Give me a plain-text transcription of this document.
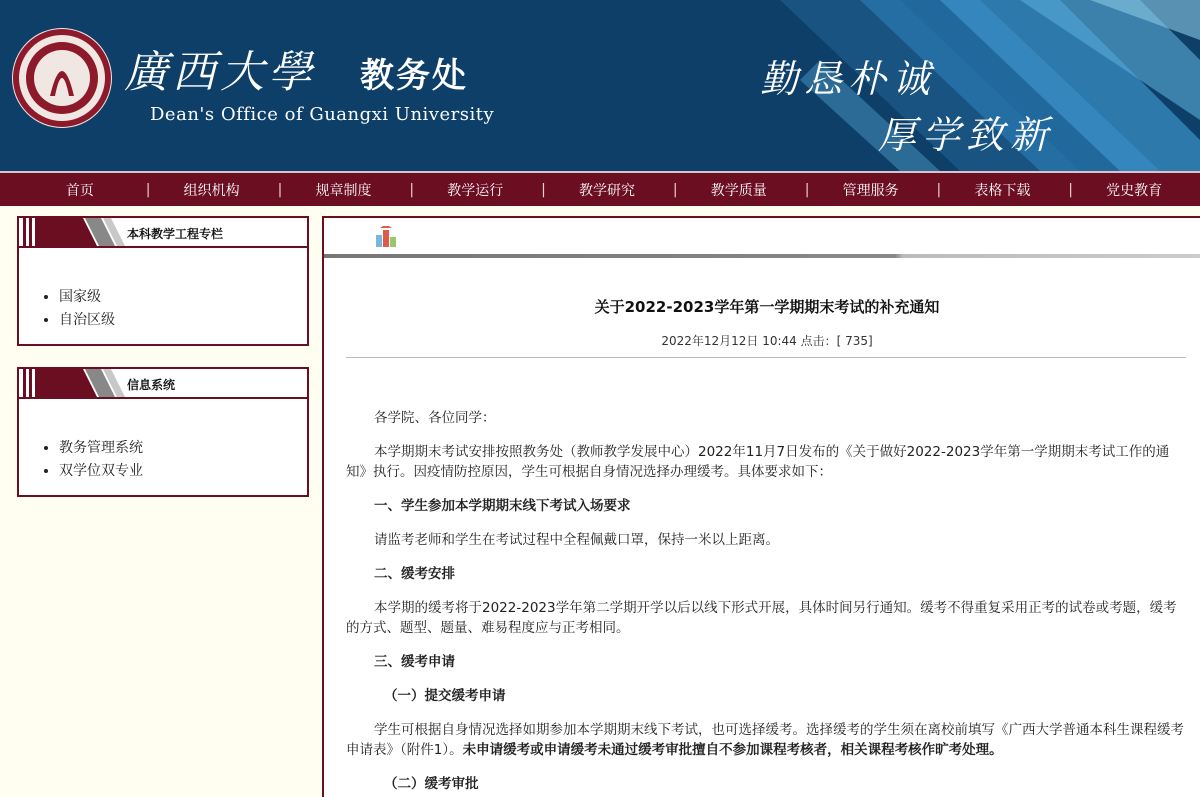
廣西大學 教务处
Dean's Office of Guangxi University
勤恳朴诚
厚学致新
首页	|	组织机构	|	规章制度	|	教学运行	|	教学研究	|	教学质量	|	管理服务	|	表格下载	|	党史教育
本科教学工程专栏
• 国家级
• 自治区级
信息系统
• 教务管理系统
• 双学位双专业
关于2022-2023学年第一学期期末考试的补充通知
2022年12月12日 10:44 点击：[ 735]

各学院、各位同学：

本学期期末考试安排按照教务处（教师教学发展中心）2022年11月7日发布的《关于做好2022-2023学年第一学期期末考试工作的通知》执行。因疫情防控原因，学生可根据自身情况选择办理缓考。具体要求如下：

一、学生参加本学期期末线下考试入场要求

请监考老师和学生在考试过程中全程佩戴口罩，保持一米以上距离。

二、缓考安排

本学期的缓考将于2022-2023学年第二学期开学以后以线下形式开展，具体时间另行通知。缓考不得重复采用正考的试卷或考题，缓考的方式、题型、题量、难易程度应与正考相同。

三、缓考申请

（一）提交缓考申请

学生可根据自身情况选择如期参加本学期期末线下考试，也可选择缓考。选择缓考的学生须在离校前填写《广西大学普通本科生课程缓考申请表》（附件1）。未申请缓考或申请缓考未通过缓考审批擅自不参加课程考核者，相关课程考核作旷考处理。

（二）缓考审批
